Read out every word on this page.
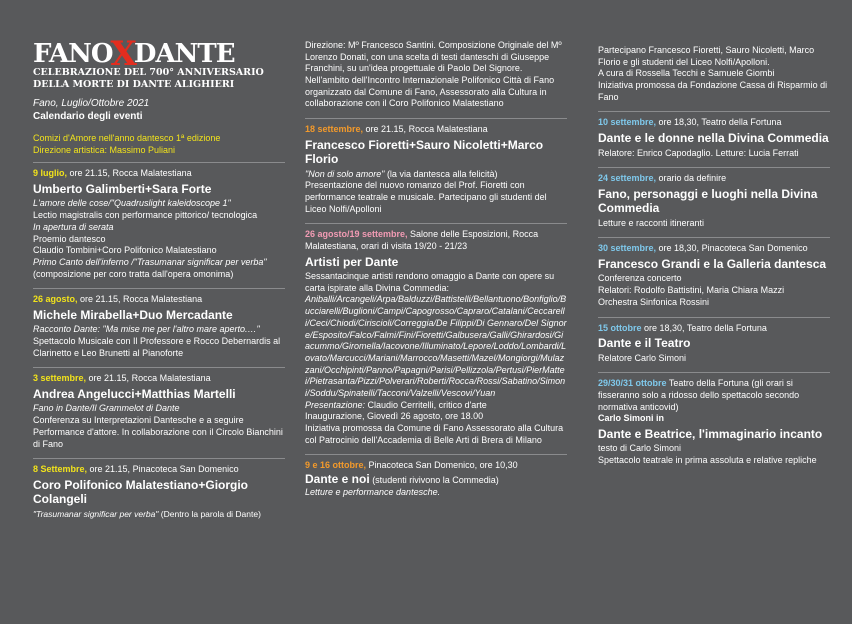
FANOXDANTE
CELEBRAZIONE DEL 700° ANNIVERSARIO
DELLA MORTE DI DANTE ALIGHIERI
Fano, Luglio/Ottobre 2021
Calendario degli eventi
Comizi d'Amore nell'anno dantesco 1ª edizione
Direzione artistica: Massimo Puliani
9 luglio, ore 21.15, Rocca Malatestiana
Umberto Galimberti+Sara Forte
L'amore delle cose/"Quadruslight kaleidoscope 1"
Lectio magistralis con performance pittorico/ tecnologica
In apertura di serata
Proemio dantesco
Claudio Tombini+Coro Polifonico Malatestiano
Primo Canto dell'inferno /"Trasumanar significar per verba"
(composizione per coro tratta dall'opera omonima)
26 agosto, ore 21.15, Rocca Malatestiana
Michele Mirabella+Duo Mercadante
Racconto Dante: "Ma mise me per l'altro mare aperto.…"
Spettacolo Musicale con Il Professore e Rocco Debernardis al Clarinetto e Leo Brunetti al Pianoforte
3 settembre, ore 21.15, Rocca Malatestiana
Andrea Angelucci+Matthias Martelli
Fano in Dante/Il Grammelot di Dante
Conferenza su Interpretazioni Dantesche e a seguire Performance d'attore. In collaborazione con il Circolo Bianchini
di Fano
8 Settembre, ore 21.15, Pinacoteca San Domenico
Coro Polifonico Malatestiano+Giorgio Colangeli
"Trasumanar significar per verba" (Dentro la parola di Dante)
Direzione: Mº Francesco Santini. Composizione Originale del Mº Lorenzo Donati, con una scelta di testi danteschi di Giuseppe Franchini, su un'idea progettuale di Paolo Del Signore.
Nell'ambito dell'Incontro Internazionale Polifonico Città di Fano organizzato dal Comune di Fano, Assessorato alla Cultura in collaborazione con il Coro Polifonico Malatestiano
18 settembre, ore 21.15, Rocca Malatestiana
Francesco Fioretti+Sauro Nicoletti+Marco Florio
"Non di solo amore" (la via dantesca alla felicità)
Presentazione del nuovo romanzo del Prof. Fioretti con performance teatrale e musicale. Partecipano gli studenti del Liceo Nolfi/Apolloni
26 agosto/19 settembre, Salone delle Esposizioni, Rocca Malatestiana, orari di visita 19/20 - 21/23
Artisti per Dante
Sessantacinque artisti rendono omaggio a Dante con opere su carta ispirate alla Divina Commedia:
Aniballi/Arcangeli/Arpa/Balduzzi/Battistelli/Bellantuono/Bonfiglio/Bucciarelli/Buglioni/Campi/Capogrosso/Capraro/Catalani/Ceccarelli/Ceci/Chiodi/Ciriscioli/Correggia/De Filippi/Di Gennaro/Del Signore/Esposito/Falco/Falmi/Fini/Fioretti/Galbusera/Galli/Ghirardosi/Giacummo/Giromella/Iacovone/Illuminato/Lepore/Loddo/Lombardi/Lovato/Marcucci/Mariani/Marrocco/Masetti/Mazel/Mongiorgi/Mulazzani/Occhipinti/Panno/Papagni/Parisi/Pellizzola/Pertusi/PierMattei/Pietrasanta/Pizzi/Polverari/Roberti/Rocca/Rossi/Sabatino/Simoni/Soddu/Spinatelli/Tacconi/Valzelli/Vescovi/Yuan
Presentazione: Claudio Cerritelli, critico d'arte
Inaugurazione, Giovedì 26 agosto, ore 18.00
Iniziativa promossa da Comune di Fano Assessorato alla Cultura col Patrocinio dell'Accademia di Belle Arti di Brera di Milano
9 e 16 ottobre, Pinacoteca San Domenico, ore 10,30
Dante e noi (studenti rivivono la Commedia)
Letture e performance dantesche.
Partecipano Francesco Fioretti, Sauro Nicoletti, Marco Florio e gli studenti del Liceo Nolfi/Apolloni.
A cura di Rossella Tecchi e Samuele Giombi
Iniziativa promossa da Fondazione Cassa di Risparmio di Fano
10 settembre, ore 18,30, Teatro della Fortuna
Dante e le donne nella Divina Commedia
Relatore: Enrico Capodaglio. Letture: Lucia Ferrati
24 settembre, orario da definire
Fano, personaggi e luoghi nella Divina Commedia
Letture e racconti itineranti
30 settembre, ore 18,30, Pinacoteca San Domenico
Francesco Grandi e la Galleria dantesca
Conferenza concerto
Relatori: Rodolfo Battistini, Maria Chiara Mazzi
Orchestra Sinfonica Rossini
15 ottobre ore 18,30, Teatro della Fortuna
Dante e il Teatro
Relatore Carlo Simoni
29/30/31 ottobre Teatro della Fortuna (gli orari si fisseranno solo a ridosso dello spettacolo secondo normativa anticovid)
Carlo Simoni in
Dante e Beatrice, l'immaginario incanto
testo di Carlo Simoni
Spettacolo teatrale in prima assoluta e relative repliche
